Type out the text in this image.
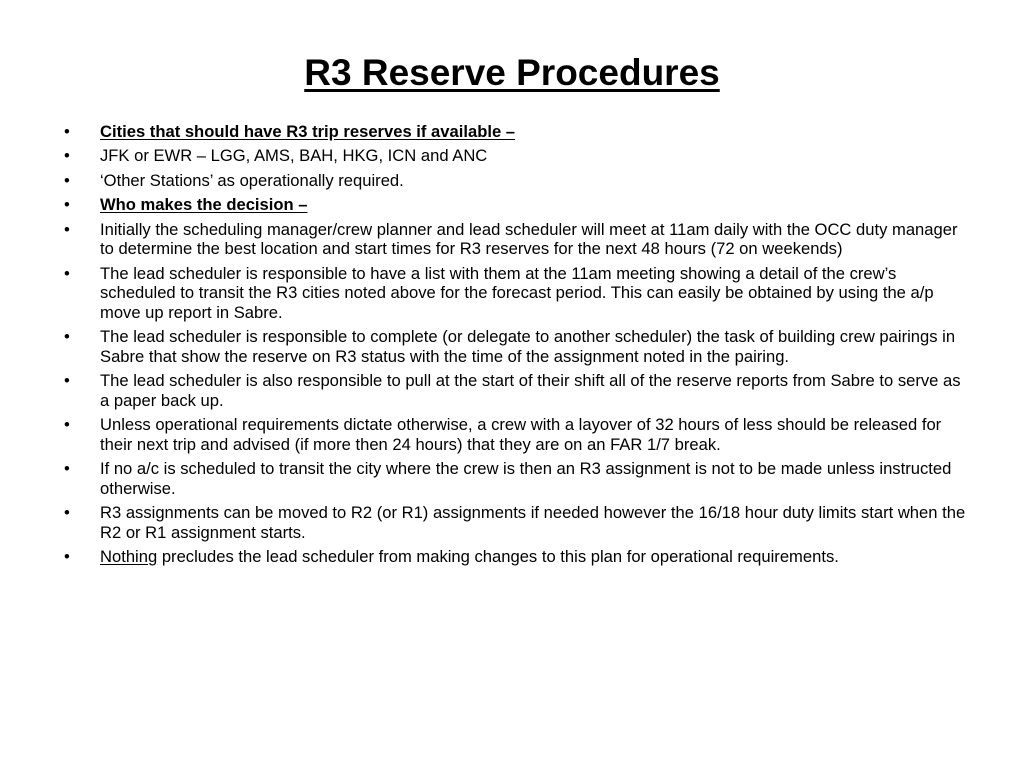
R3 Reserve Procedures
•	Cities that should have R3 trip reserves if available –
•	JFK or EWR – LGG, AMS, BAH, HKG, ICN and ANC
•	‘Other Stations’ as operationally required.
•	Who makes the decision –
•	Initially the scheduling manager/crew planner and lead scheduler will meet at 11am daily with the OCC duty manager to determine the best location and start times for R3 reserves for the next 48 hours (72 on weekends)
•	The lead scheduler is responsible to have a list with them at the 11am meeting showing a detail of the crew’s scheduled to transit the R3 cities noted above for the forecast period. This can easily be obtained by using the a/p move up report in Sabre.
•	The lead scheduler is responsible to complete (or delegate to another scheduler) the task of building crew pairings in Sabre that show the reserve on R3 status with the time of the assignment noted in the pairing.
•	The lead scheduler is also responsible to pull at the start of their shift all of the reserve reports from Sabre to serve as a paper back up.
•	Unless operational requirements dictate otherwise, a crew with a layover of 32 hours of less should be released for their next trip and advised (if more then 24 hours) that they are on an FAR 1/7 break.
•	If no a/c is scheduled to transit the city where the crew is then an R3 assignment is not to be made unless instructed otherwise.
•	R3 assignments can be moved to R2 (or R1) assignments if needed however the 16/18 hour duty limits start when the R2 or R1 assignment starts.
•	Nothing precludes the lead scheduler from making changes to this plan for operational requirements.
